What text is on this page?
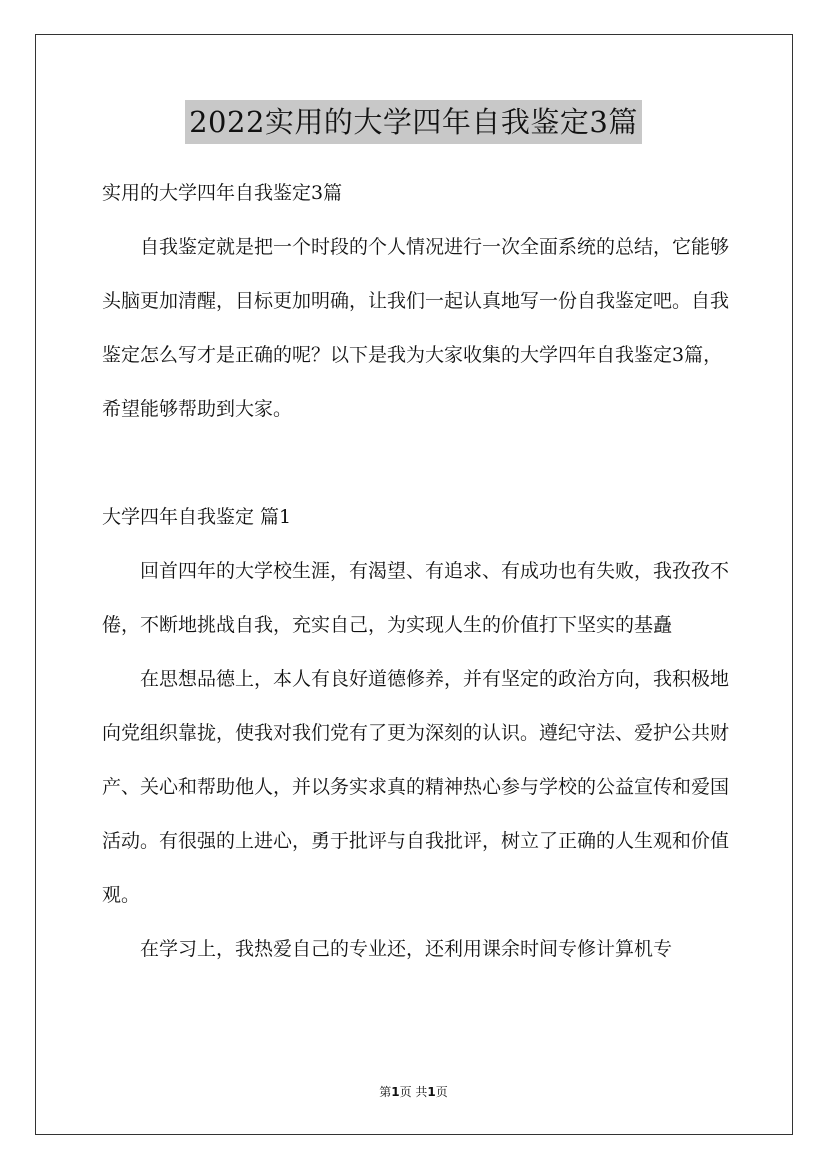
2022实用的大学四年自我鉴定3篇

实用的大学四年自我鉴定3篇

自我鉴定就是把一个时段的个人情况进行一次全面系统的总结，它能够头脑更加清醒，目标更加明确，让我们一起认真地写一份自我鉴定吧。自我鉴定怎么写才是正确的呢？以下是我为大家收集的大学四年自我鉴定3篇，希望能够帮助到大家。

大学四年自我鉴定 篇1

回首四年的大学校生涯，有渴望、有追求、有成功也有失败，我孜孜不倦，不断地挑战自我，充实自己，为实现人生的价值打下坚实的基矗

在思想品德上，本人有良好道德修养，并有坚定的政治方向，我积极地向党组织靠拢，使我对我们党有了更为深刻的认识。遵纪守法、爱护公共财产、关心和帮助他人，并以务实求真的精神热心参与学校的公益宣传和爱国活动。有很强的上进心，勇于批评与自我批评，树立了正确的人生观和价值观。

在学习上，我热爱自己的专业还，还利用课余时间专修计算机专

第1页 共1页
